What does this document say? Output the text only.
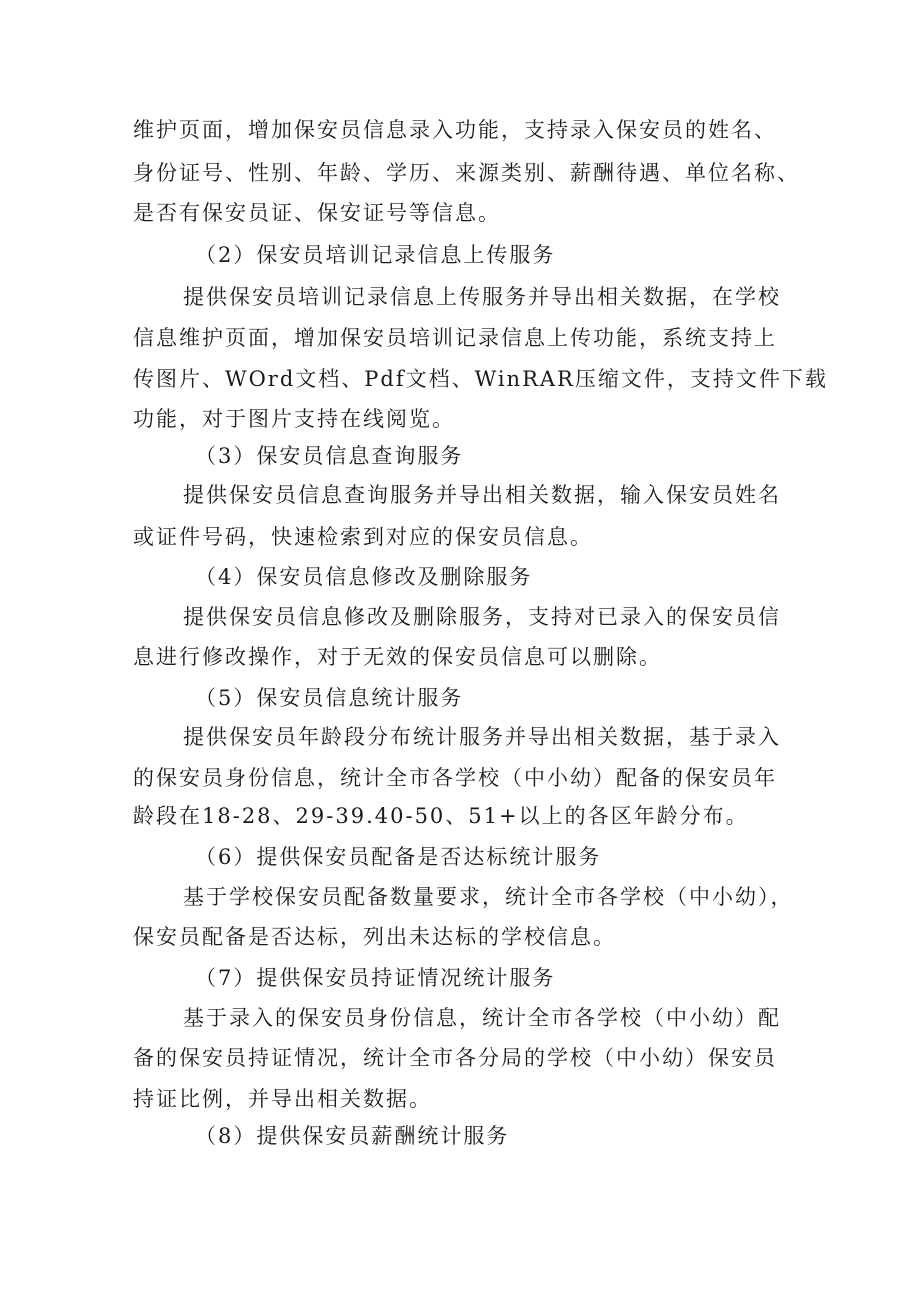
维护页面，增加保安员信息录入功能，支持录入保安员的姓名、
身份证号、性别、年龄、学历、来源类别、薪酬待遇、单位名称、
是否有保安员证、保安证号等信息。
（2）保安员培训记录信息上传服务
提供保安员培训记录信息上传服务并导出相关数据，在学校
信息维护页面，增加保安员培训记录信息上传功能，系统支持上
传图片、WOrd文档、Pdf文档、WinRAR压缩文件，支持文件下载
功能，对于图片支持在线阅览。
（3）保安员信息查询服务
提供保安员信息查询服务并导出相关数据，输入保安员姓名
或证件号码，快速检索到对应的保安员信息。
（4）保安员信息修改及删除服务
提供保安员信息修改及删除服务，支持对已录入的保安员信
息进行修改操作，对于无效的保安员信息可以删除。
（5）保安员信息统计服务
提供保安员年龄段分布统计服务并导出相关数据，基于录入
的保安员身份信息，统计全市各学校（中小幼）配备的保安员年
龄段在18-28、29-39.40-50、51+以上的各区年龄分布。
（6）提供保安员配备是否达标统计服务
基于学校保安员配备数量要求，统计全市各学校（中小幼），
保安员配备是否达标，列出未达标的学校信息。
（7）提供保安员持证情况统计服务
基于录入的保安员身份信息，统计全市各学校（中小幼）配
备的保安员持证情况，统计全市各分局的学校（中小幼）保安员
持证比例，并导出相关数据。
（8）提供保安员薪酬统计服务
